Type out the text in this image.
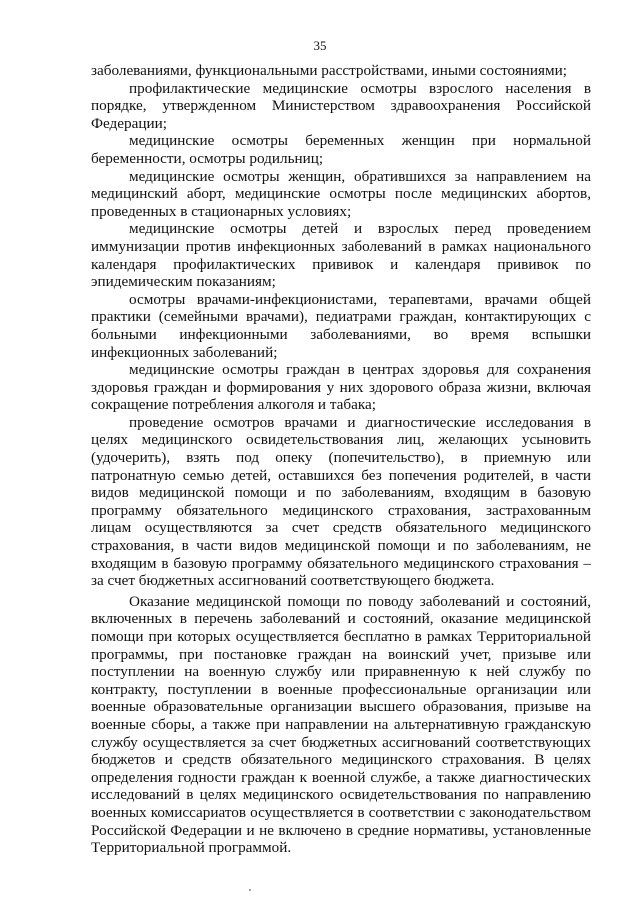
35

заболеваниями, функциональными расстройствами, иными состояниями;

профилактические медицинские осмотры взрослого населения в порядке, утвержденном Министерством здравоохранения Российской Федерации;

медицинские осмотры беременных женщин при нормальной беременности, осмотры родильниц;

медицинские осмотры женщин, обратившихся за направлением на медицинский аборт, медицинские осмотры после медицинских абортов, проведенных в стационарных условиях;

медицинские осмотры детей и взрослых перед проведением иммунизации против инфекционных заболеваний в рамках национального календаря профилактических прививок и календаря прививок по эпидемическим показаниям;

осмотры врачами-инфекционистами, терапевтами, врачами общей практики (семейными врачами), педиатрами граждан, контактирующих с больными инфекционными заболеваниями, во время вспышки инфекционных заболеваний;

медицинские осмотры граждан в центрах здоровья для сохранения здоровья граждан и формирования у них здорового образа жизни, включая сокращение потребления алкоголя и табака;

проведение осмотров врачами и диагностические исследования в целях медицинского освидетельствования лиц, желающих усыновить (удочерить), взять под опеку (попечительство), в приемную или патронатную семью детей, оставшихся без попечения родителей, в части видов медицинской помощи и по заболеваниям, входящим в базовую программу обязательного медицинского страхования, застрахованным лицам осуществляются за счет средств обязательного медицинского страхования, в части видов медицинской помощи и по заболеваниям, не входящим в базовую программу обязательного медицинского страхования – за счет бюджетных ассигнований соответствующего бюджета.

Оказание медицинской помощи по поводу заболеваний и состояний, включенных в перечень заболеваний и состояний, оказание медицинской помощи при которых осуществляется бесплатно в рамках Территориальной программы, при постановке граждан на воинский учет, призыве или поступлении на военную службу или приравненную к ней службу по контракту, поступлении в военные профессиональные организации или военные образовательные организации высшего образования, призыве на военные сборы, а также при направлении на альтернативную гражданскую службу осуществляется за счет бюджетных ассигнований соответствующих бюджетов и средств обязательного медицинского страхования. В целях определения годности граждан к военной службе, а также диагностических исследований в целях медицинского освидетельствования по направлению военных комиссариатов осуществляется в соответствии с законодательством Российской Федерации и не включено в средние нормативы, установленные Территориальной программой.
